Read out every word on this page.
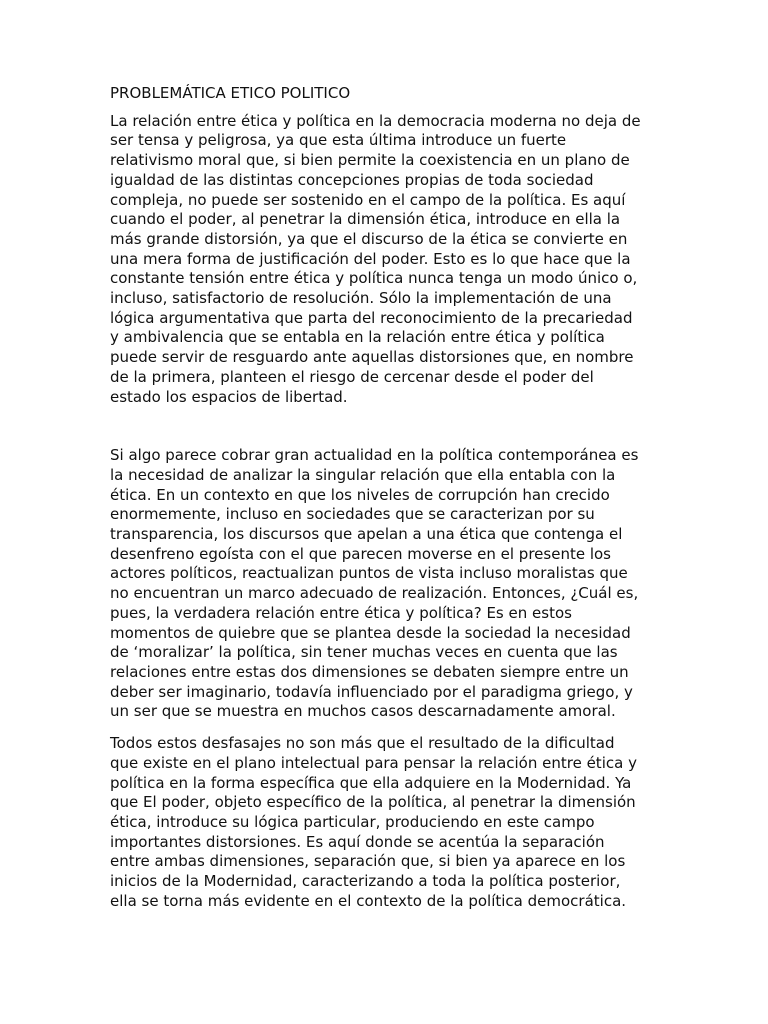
PROBLEMÁTICA ETICO POLITICO

La relación entre ética y política en la democracia moderna no deja de
ser tensa y peligrosa, ya que esta última introduce un fuerte
relativismo moral que, si bien permite la coexistencia en un plano de
igualdad de las distintas concepciones propias de toda sociedad
compleja, no puede ser sostenido en el campo de la política. Es aquí
cuando el poder, al penetrar la dimensión ética, introduce en ella la
más grande distorsión, ya que el discurso de la ética se convierte en
una mera forma de justificación del poder. Esto es lo que hace que la
constante tensión entre ética y política nunca tenga un modo único o,
incluso, satisfactorio de resolución. Sólo la implementación de una
lógica argumentativa que parta del reconocimiento de la precariedad
y ambivalencia que se entabla en la relación entre ética y política
puede servir de resguardo ante aquellas distorsiones que, en nombre
de la primera, planteen el riesgo de cercenar desde el poder del
estado los espacios de libertad.

Si algo parece cobrar gran actualidad en la política contemporánea es
la necesidad de analizar la singular relación que ella entabla con la
ética. En un contexto en que los niveles de corrupción han crecido
enormemente, incluso en sociedades que se caracterizan por su
transparencia, los discursos que apelan a una ética que contenga el
desenfreno egoísta con el que parecen moverse en el presente los
actores políticos, reactualizan puntos de vista incluso moralistas que
no encuentran un marco adecuado de realización. Entonces, ¿Cuál es,
pues, la verdadera relación entre ética y política? Es en estos
momentos de quiebre que se plantea desde la sociedad la necesidad
de ‘moralizar’ la política, sin tener muchas veces en cuenta que las
relaciones entre estas dos dimensiones se debaten siempre entre un
deber ser imaginario, todavía influenciado por el paradigma griego, y
un ser que se muestra en muchos casos descarnadamente amoral.

Todos estos desfasajes no son más que el resultado de la dificultad
que existe en el plano intelectual para pensar la relación entre ética y
política en la forma específica que ella adquiere en la Modernidad. Ya
que El poder, objeto específico de la política, al penetrar la dimensión
ética, introduce su lógica particular, produciendo en este campo
importantes distorsiones. Es aquí donde se acentúa la separación
entre ambas dimensiones, separación que, si bien ya aparece en los
inicios de la Modernidad, caracterizando a toda la política posterior,
ella se torna más evidente en el contexto de la política democrática.
